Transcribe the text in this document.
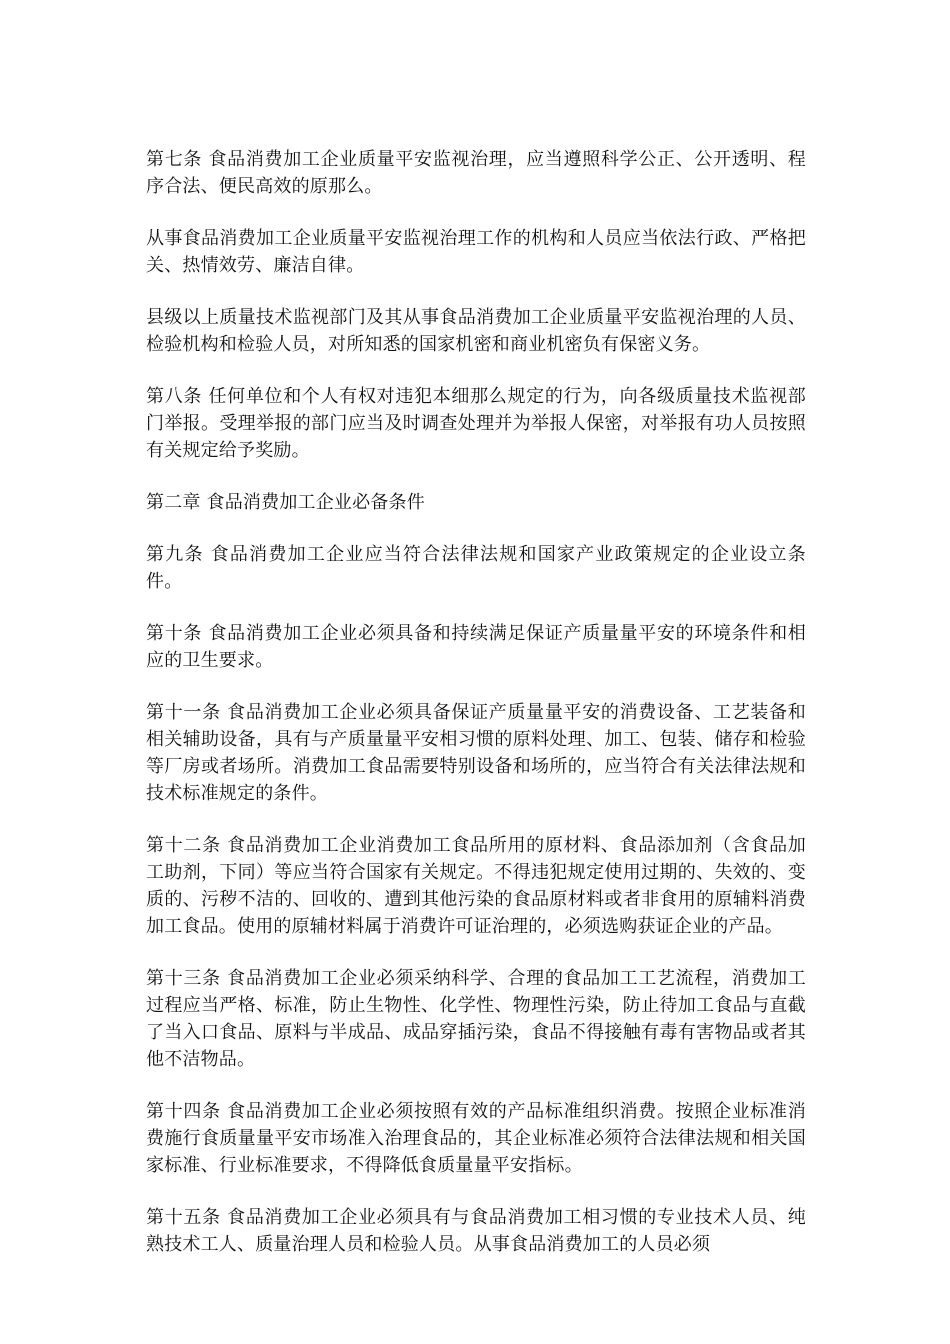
第七条 食品消费加工企业质量平安监视治理，应当遵照科学公正、公开透明、程序合法、便民高效的原那么。

从事食品消费加工企业质量平安监视治理工作的机构和人员应当依法行政、严格把关、热情效劳、廉洁自律。

县级以上质量技术监视部门及其从事食品消费加工企业质量平安监视治理的人员、检验机构和检验人员，对所知悉的国家机密和商业机密负有保密义务。

第八条 任何单位和个人有权对违犯本细那么规定的行为，向各级质量技术监视部门举报。受理举报的部门应当及时调查处理并为举报人保密，对举报有功人员按照有关规定给予奖励。

第二章 食品消费加工企业必备条件

第九条 食品消费加工企业应当符合法律法规和国家产业政策规定的企业设立条件。

第十条 食品消费加工企业必须具备和持续满足保证产质量量平安的环境条件和相应的卫生要求。

第十一条 食品消费加工企业必须具备保证产质量量平安的消费设备、工艺装备和相关辅助设备，具有与产质量量平安相习惯的原料处理、加工、包装、储存和检验等厂房或者场所。消费加工食品需要特别设备和场所的，应当符合有关法律法规和技术标准规定的条件。

第十二条 食品消费加工企业消费加工食品所用的原材料、食品添加剂（含食品加工助剂，下同）等应当符合国家有关规定。不得违犯规定使用过期的、失效的、变质的、污秽不洁的、回收的、遭到其他污染的食品原材料或者非食用的原辅料消费加工食品。使用的原辅材料属于消费许可证治理的，必须选购获证企业的产品。

第十三条 食品消费加工企业必须采纳科学、合理的食品加工工艺流程，消费加工过程应当严格、标准，防止生物性、化学性、物理性污染，防止待加工食品与直截了当入口食品、原料与半成品、成品穿插污染，食品不得接触有毒有害物品或者其他不洁物品。

第十四条 食品消费加工企业必须按照有效的产品标准组织消费。按照企业标准消费施行食质量量平安市场准入治理食品的，其企业标准必须符合法律法规和相关国家标准、行业标准要求，不得降低食质量量平安指标。

第十五条 食品消费加工企业必须具有与食品消费加工相习惯的专业技术人员、纯熟技术工人、质量治理人员和检验人员。从事食品消费加工的人员必须
